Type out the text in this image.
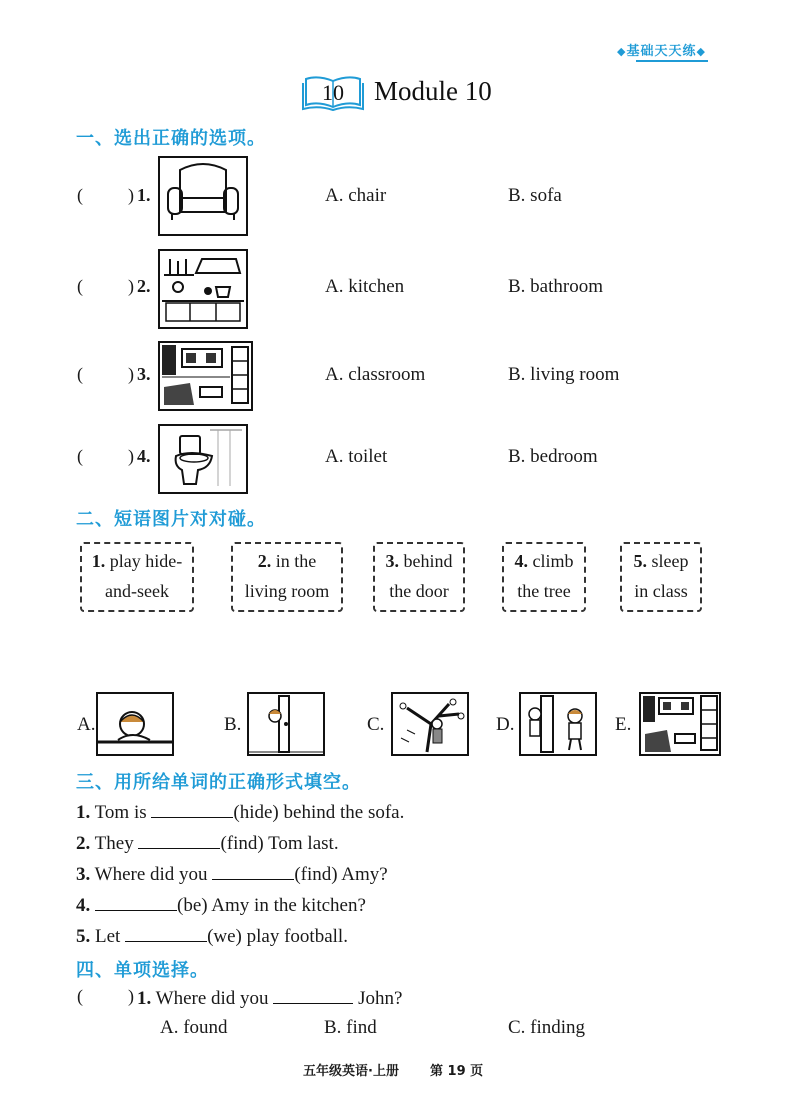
◆基础天天练◆
10 Module 10
一、选出正确的选项。
(	) 1.	A. chair	B. sofa
(	) 2.	A. kitchen	B. bathroom
(	) 3.	A. classroom	B. living room
(	) 4.	A. toilet	B. bedroom
二、短语图片对对碰。
1. play hide-
and-seek
2. in the
living room
3. behind
the door
4. climb
the tree
5. sleep
in class
A.	B.	C.	D.	E.
三、用所给单词的正确形式填空。
1. Tom is	(hide) behind the sofa.
2. They	(find) Tom last.
3. Where did you	(find) Amy?
4.	(be) Amy in the kitchen?
5. Let	(we) play football.
四、单项选择。
(	) 1. Where did you	John?
A. found	B. find	C. finding
五年级英语·上册 第 19 页
